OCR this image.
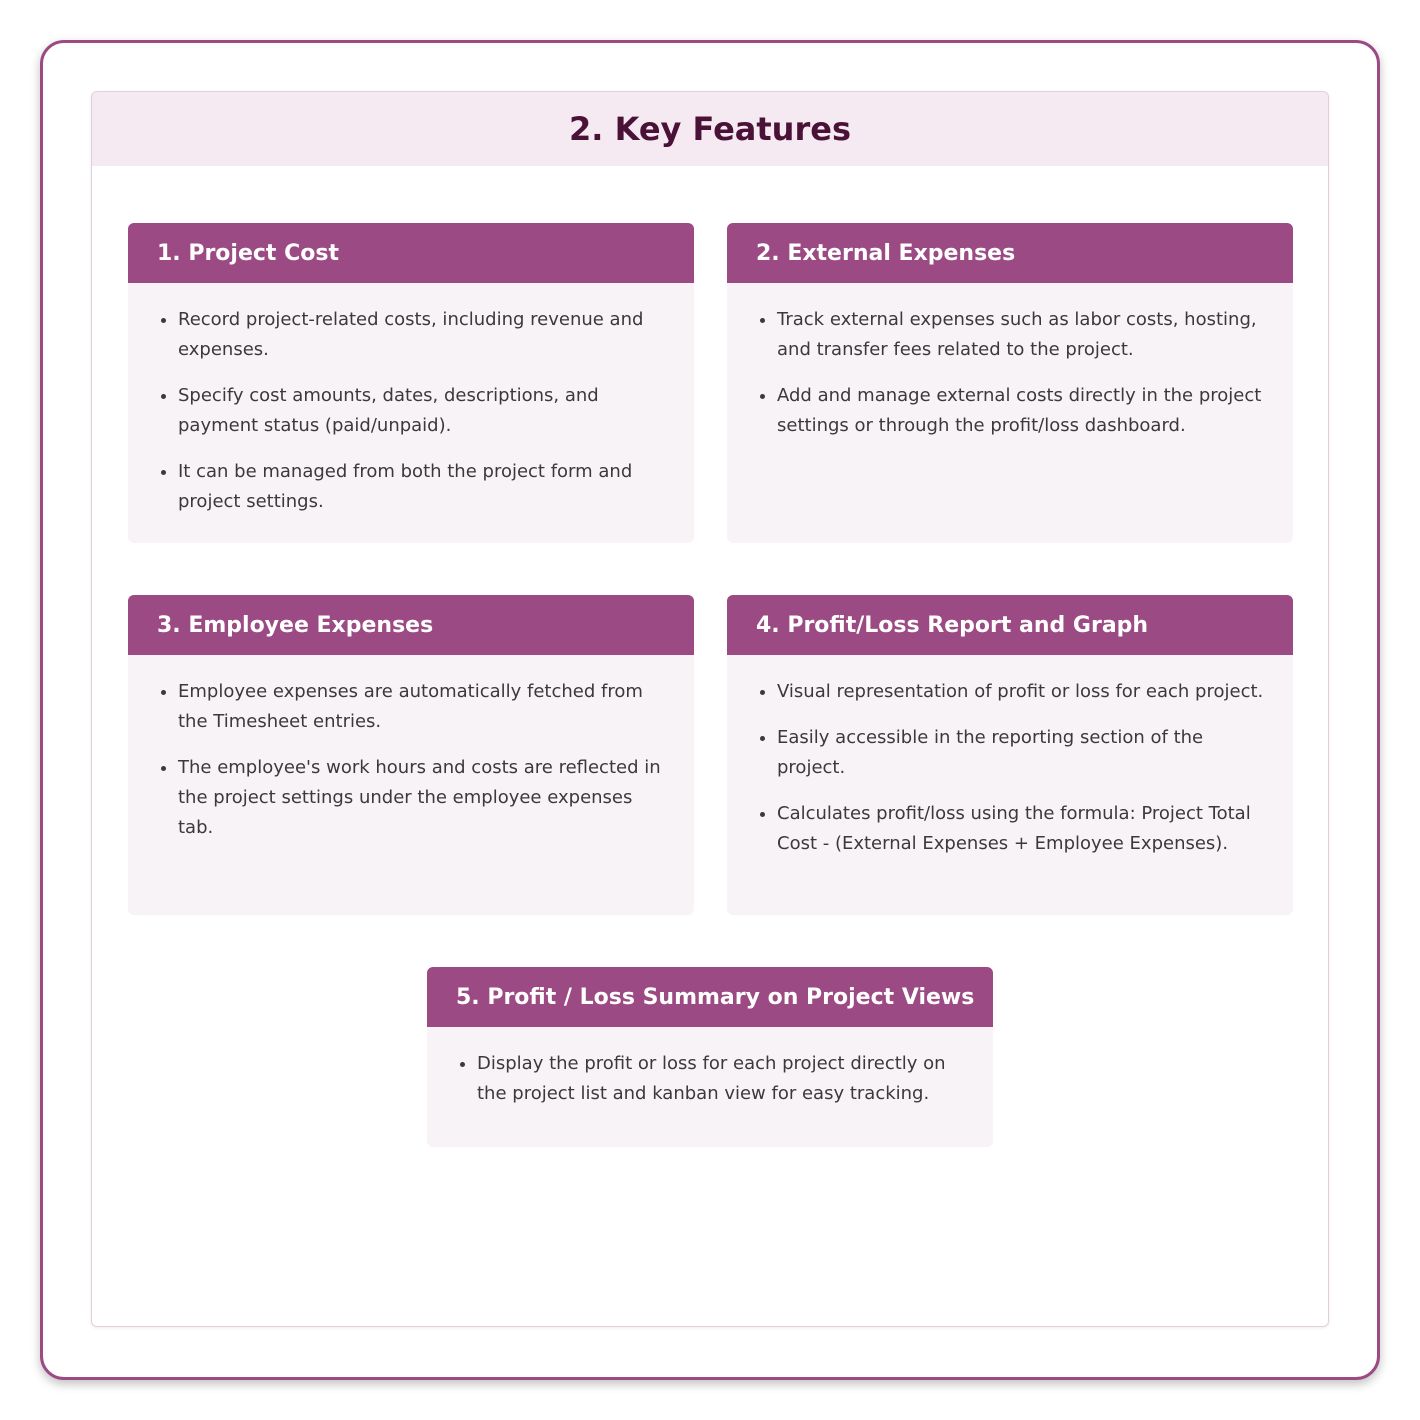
2. Key Features
1. Project Cost
Record project-related costs, including revenue and expenses.
Specify cost amounts, dates, descriptions, and payment status (paid/unpaid).
It can be managed from both the project form and project settings.
2. External Expenses
Track external expenses such as labor costs, hosting, and transfer fees related to the project.
Add and manage external costs directly in the project settings or through the profit/loss dashboard.
3. Employee Expenses
Employee expenses are automatically fetched from the Timesheet entries.
The employee's work hours and costs are reflected in the project settings under the employee expenses tab.
4. Profit/Loss Report and Graph
Visual representation of profit or loss for each project.
Easily accessible in the reporting section of the project.
Calculates profit/loss using the formula: Project Total Cost - (External Expenses + Employee Expenses).
5. Profit / Loss Summary on Project Views
Display the profit or loss for each project directly on the project list and kanban view for easy tracking.
